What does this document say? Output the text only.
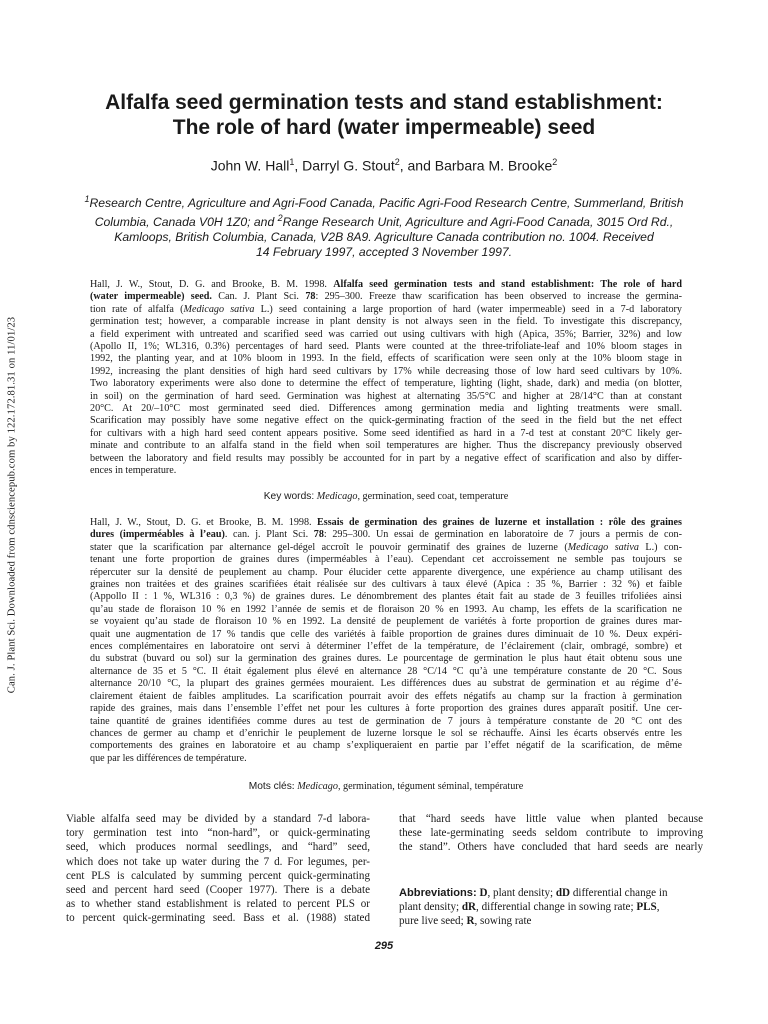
Can. J. Plant Sci. Downloaded from cdnsciencepub.com by 122.172.81.31 on 11/01/23
Alfalfa seed germination tests and stand establishment:
The role of hard (water impermeable) seed
John W. Hall$^1$, Darryl G. Stout$^2$, and Barbara M. Brooke$^2$
$^1$Research Centre, Agriculture and Agri-Food Canada, Pacific Agri-Food Research Centre, Summerland, British
Columbia, Canada V0H 1Z0; and $^2$Range Research Unit, Agriculture and Agri-Food Canada, 3015 Ord Rd.,
Kamloops, British Columbia, Canada, V2B 8A9. Agriculture Canada contribution no. 1004. Received
14 February 1997, accepted 3 November 1997.
Hall, J. W., Stout, D. G. and Brooke, B. M. 1998. Alfalfa seed germination tests and stand establishment: The role of hard
(water impermeable) seed. Can. J. Plant Sci. 78: 295–300. Freeze thaw scarification has been observed to increase the germina-
tion rate of alfalfa (Medicago sativa L.) seed containing a large proportion of hard (water impermeable) seed in a 7-d laboratory
germination test; however, a comparable increase in plant density is not always seen in the field. To investigate this discrepancy,
a field experiment with untreated and scarified seed was carried out using cultivars with high (Apica, 35%; Barrier, 32%) and low
(Apollo II, 1%; WL316, 0.3%) percentages of hard seed. Plants were counted at the three-trifoliate-leaf and 10% bloom stages in
1992, the planting year, and at 10% bloom in 1993. In the field, effects of scarification were seen only at the 10% bloom stage in
1992, increasing the plant densities of high hard seed cultivars by 17% while decreasing those of low hard seed cultivars by 10%.
Two laboratory experiments were also done to determine the effect of temperature, lighting (light, shade, dark) and media (on blotter,
in soil) on the germination of hard seed. Germination was highest at alternating 35/5°C and higher at 28/14°C than at constant
20°C. At 20/–10°C most germinated seed died. Differences among germination media and lighting treatments were small.
Scarification may possibly have some negative effect on the quick-germinating fraction of the seed in the field but the net effect
for cultivars with a high hard seed content appears positive. Some seed identified as hard in a 7-d test at constant 20°C likely ger-
minate and contribute to an alfalfa stand in the field when soil temperatures are higher. Thus the discrepancy previously observed
between the laboratory and field results may possibly be accounted for in part by a negative effect of scarification and also by differ-
ences in temperature.
Key words: Medicago, germination, seed coat, temperature
Hall, J. W., Stout, D. G. et Brooke, B. M. 1998. Essais de germination des graines de luzerne et installation : rôle des graines
dures (imperméables à l’eau). can. j. Plant Sci. 78: 295–300. Un essai de germination en laboratoire de 7 jours a permis de con-
stater que la scarification par alternance gel-dégel accroît le pouvoir germinatif des graines de luzerne (Medicago sativa L.) con-
tenant une forte proportion de graines dures (imperméables à l’eau). Cependant cet accroissement ne semble pas toujours se
répercuter sur la densité de peuplement au champ. Pour élucider cette apparente divergence, une expérience au champ utilisant des
graines non traitées et des graines scarifiées était réalisée sur des cultivars à taux élevé (Apica : 35 %, Barrier : 32 %) et faible
(Appollo II : 1 %, WL316 : 0,3 %) de graines dures. Le dénombrement des plantes était fait au stade de 3 feuilles trifoliées ainsi
qu’au stade de floraison 10 % en 1992 l’année de semis et de floraison 20 % en 1993. Au champ, les effets de la scarification ne
se voyaient qu’au stade de floraison 10 % en 1992. La densité de peuplement de variétés à forte proportion de graines dures mar-
quait une augmentation de 17 % tandis que celle des variétés à faible proportion de graines dures diminuait de 10 %. Deux expéri-
ences complémentaires en laboratoire ont servi à déterminer l’effet de la température, de l’éclairement (clair, ombragé, sombre) et
du substrat (buvard ou sol) sur la germination des graines dures. Le pourcentage de germination le plus haut était obtenu sous une
alternance de 35 et 5 °C. Il était également plus élevé en alternance 28 °C/14 °C qu’à une température constante de 20 °C. Sous
alternance 20/10 °C, la plupart des graines germées mouraient. Les différences dues au substrat de germination et au régime d’é-
clairement étaient de faibles amplitudes. La scarification pourrait avoir des effets négatifs au champ sur la fraction à germination
rapide des graines, mais dans l’ensemble l’effet net pour les cultures à forte proportion des graines dures apparaît positif. Une cer-
taine quantité de graines identifiées comme dures au test de germination de 7 jours à température constante de 20 °C ont des
chances de germer au champ et d’enrichir le peuplement de luzerne lorsque le sol se réchauffe. Ainsi les écarts observés entre les
comportements des graines en laboratoire et au champ s’expliqueraient en partie par l’effet négatif de la scarification, de même
que par les différences de température.
Mots clés: Medicago, germination, tégument séminal, température
Viable alfalfa seed may be divided by a standard 7-d labora-
tory germination test into “non-hard”, or quick-germinating
seed, which produces normal seedlings, and “hard” seed,
which does not take up water during the 7 d. For legumes, per-
cent PLS is calculated by summing percent quick-germinating
seed and percent hard seed (Cooper 1977). There is a debate
as to whether stand establishment is related to percent PLS or
to percent quick-germinating seed. Bass et al. (1988) stated
that “hard seeds have little value when planted because
these late-germinating seeds seldom contribute to improving
the stand”. Others have concluded that hard seeds are nearly
Abbreviations: D, plant density; dD differential change in
plant density; dR, differential change in sowing rate; PLS,
pure live seed; R, sowing rate
295
